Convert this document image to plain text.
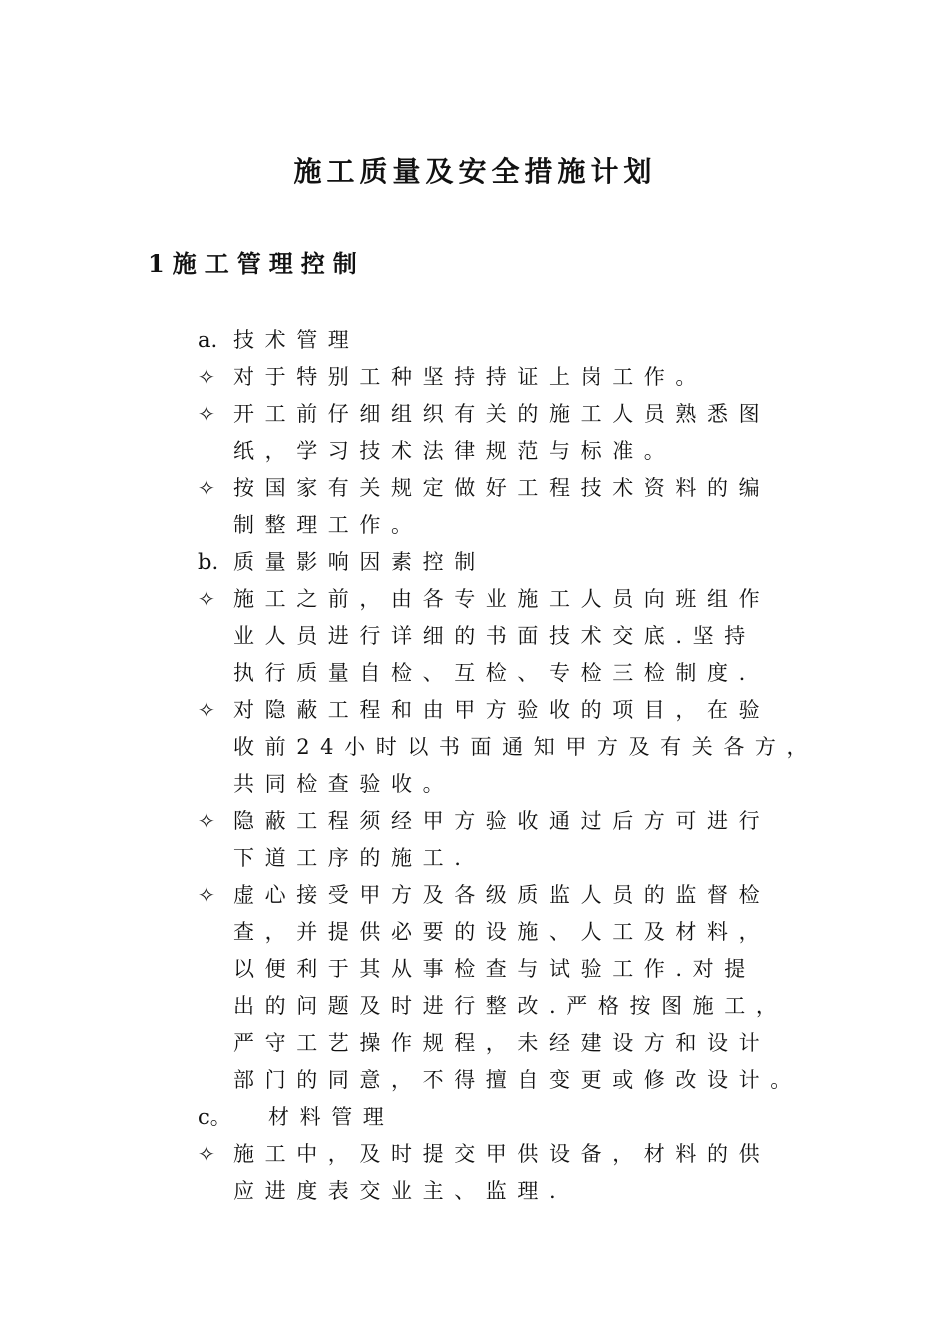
施工质量及安全措施计划
1施工管理控制
a. 技术管理
✧ 对于特别工种坚持持证上岗工作。
✧ 开工前仔细组织有关的施工人员熟悉图
纸，学习技术法律规范与标准。
✧ 按国家有关规定做好工程技术资料的编
制整理工作。
b. 质量影响因素控制
✧ 施工之前，由各专业施工人员向班组作
业人员进行详细的书面技术交底.坚持
执行质量自检、互检、专检三检制度.
✧ 对隐蔽工程和由甲方验收的项目，在验
收前24小时以书面通知甲方及有关各方，
共同检查验收。
✧ 隐蔽工程须经甲方验收通过后方可进行
下道工序的施工.
✧ 虚心接受甲方及各级质监人员的监督检
查，并提供必要的设施、人工及材料，
以便利于其从事检查与试验工作.对提
出的问题及时进行整改.严格按图施工，
严守工艺操作规程，未经建设方和设计
部门的同意，不得擅自变更或修改设计。
c。 材料管理
✧ 施工中，及时提交甲供设备，材料的供
应进度表交业主、监理.
